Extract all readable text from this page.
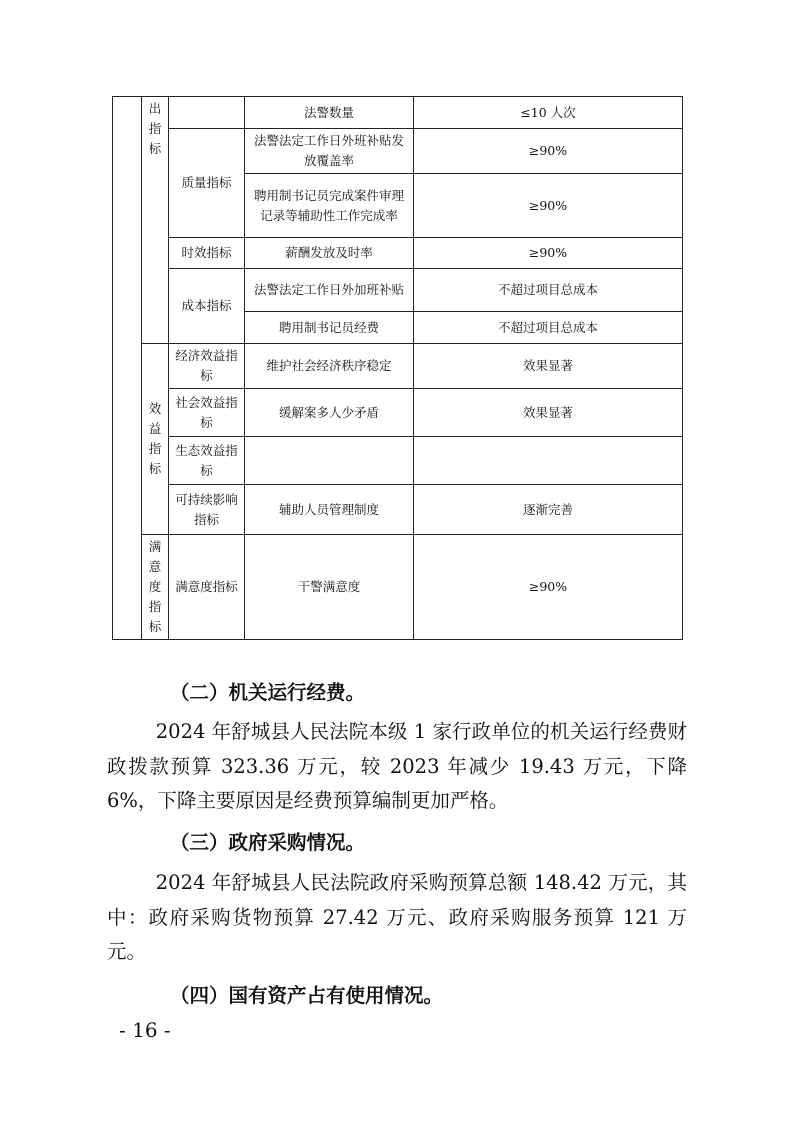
	出 指 标		法警数量	≤10 人次
		质量指标	法警法定工作日外班补贴发放覆盖率	≥90%
			聘用制书记员完成案件审理记录等辅助性工作完成率	≥90%
		时效指标	薪酬发放及时率	≥90%
		成本指标	法警法定工作日外加班补贴	不超过项目总成本
			聘用制书记员经费	不超过项目总成本
	效 益 指 标	经济效益指标	维护社会经济秩序稳定	效果显著
		社会效益指标	缓解案多人少矛盾	效果显著
		生态效益指标		
		可持续影响指标	辅助人员管理制度	逐渐完善
	满 意 度 指 标	满意度指标	干警满意度	≥90%
（二）机关运行经费。

2024 年舒城县人民法院本级 1 家行政单位的机关运行经费财政拨款预算 323.36 万元，较 2023 年减少 19.43 万元，下降 6%，下降主要原因是经费预算编制更加严格。

（三）政府采购情况。

2024 年舒城县人民法院政府采购预算总额 148.42 万元，其中：政府采购货物预算 27.42 万元、政府采购服务预算 121 万元。

（四）国有资产占有使用情况。
- 16 -
